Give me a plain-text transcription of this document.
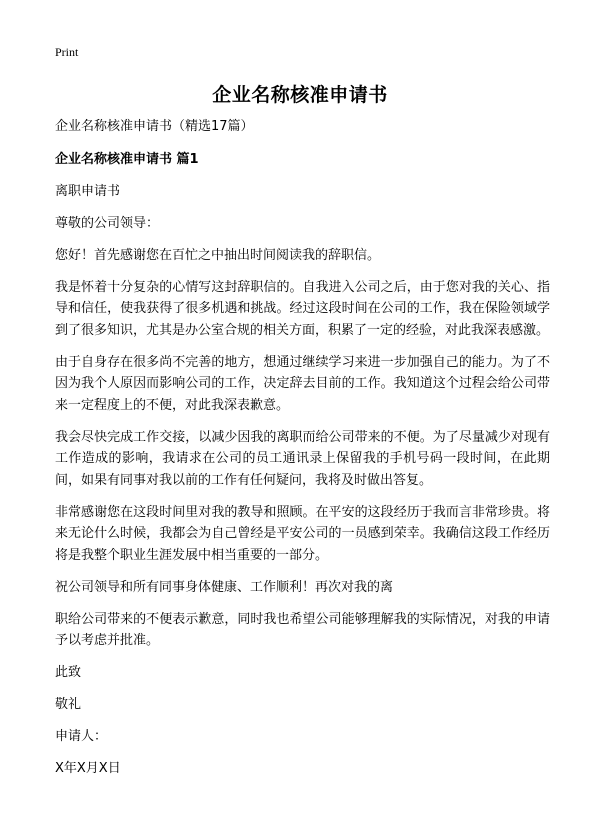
Print
企业名称核准申请书

企业名称核准申请书（精选17篇）

企业名称核准申请书 篇1

离职申请书

尊敬的公司领导：

您好！首先感谢您在百忙之中抽出时间阅读我的辞职信。

我是怀着十分复杂的心情写这封辞职信的。自我进入公司之后，由于您对我的关心、指导和信任，使我获得了很多机遇和挑战。经过这段时间在公司的工作，我在保险领域学到了很多知识，尤其是办公室合规的相关方面，积累了一定的经验，对此我深表感激。

由于自身存在很多尚不完善的地方，想通过继续学习来进一步加强自己的能力。为了不因为我个人原因而影响公司的工作，决定辞去目前的工作。我知道这个过程会给公司带来一定程度上的不便，对此我深表歉意。

我会尽快完成工作交接，以减少因我的离职而给公司带来的不便。为了尽量减少对现有工作造成的影响，我请求在公司的员工通讯录上保留我的手机号码一段时间，在此期间，如果有同事对我以前的工作有任何疑问，我将及时做出答复。

非常感谢您在这段时间里对我的教导和照顾。在平安的这段经历于我而言非常珍贵。将来无论什么时候，我都会为自己曾经是平安公司的一员感到荣幸。我确信这段工作经历将是我整个职业生涯发展中相当重要的一部分。

祝公司领导和所有同事身体健康、工作顺利！再次对我的离

职给公司带来的不便表示歉意，同时我也希望公司能够理解我的实际情况，对我的申请予以考虑并批准。

此致

敬礼

申请人：

X年X月X日
